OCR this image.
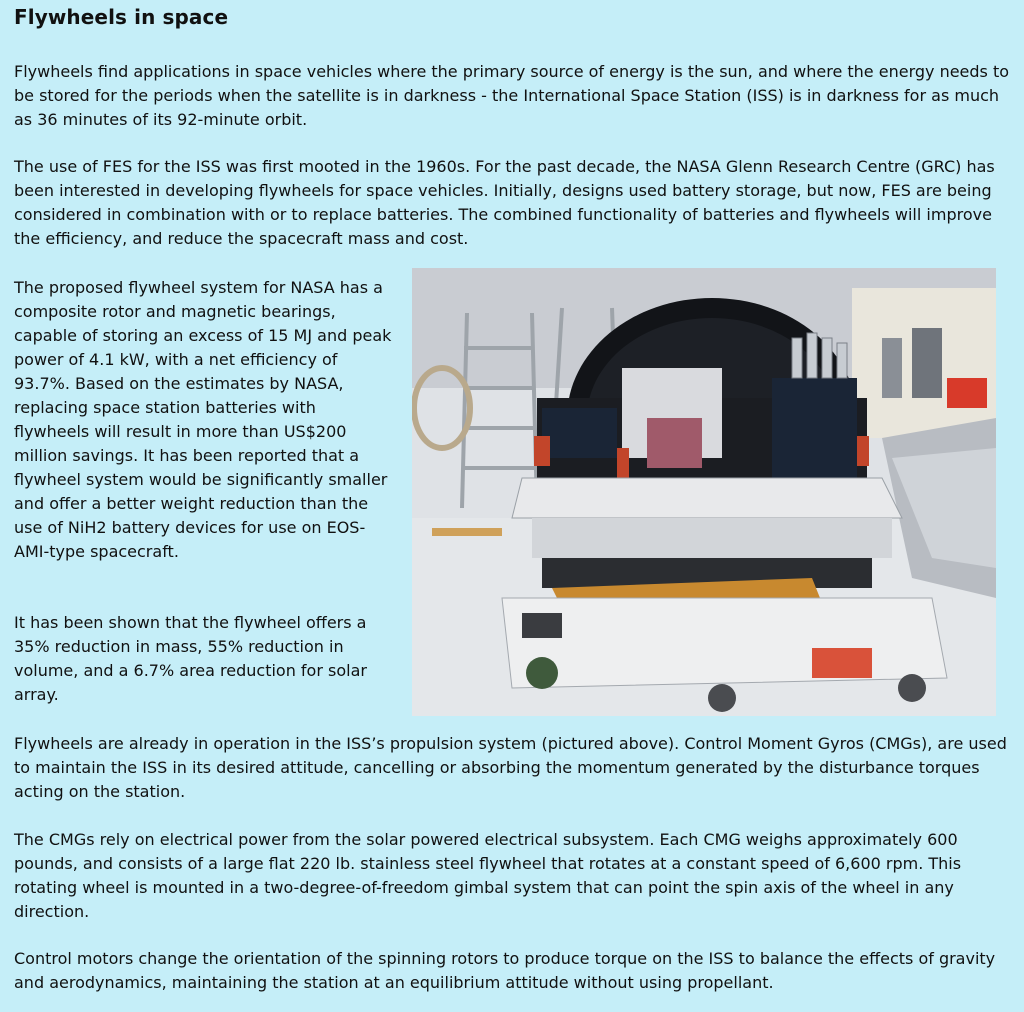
Flywheels in space

Flywheels find applications in space vehicles where the primary source of energy is the sun, and where the energy needs to be stored for the periods when the satellite is in darkness - the International Space Station (ISS) is in darkness for as much as 36 minutes of its 92-minute orbit.

The use of FES for the ISS was first mooted in the 1960s. For the past decade, the NASA Glenn Research Centre (GRC) has been interested in developing flywheels for space vehicles. Initially, designs used battery storage, but now, FES are being considered in combination with or to replace batteries. The combined functionality of batteries and flywheels will improve the efficiency, and reduce the spacecraft mass and cost.

The proposed flywheel system for NASA has a composite rotor and magnetic bearings, capable of storing an excess of 15 MJ and peak power of 4.1 kW, with a net efficiency of 93.7%. Based on the estimates by NASA, replacing space station batteries with flywheels will result in more than US$200 million savings. It has been reported that a flywheel system would be significantly smaller and offer a better weight reduction than the use of NiH2 battery devices for use on EOS-AMI-type spacecraft.

It has been shown that the flywheel offers a 35% reduction in mass, 55% reduction in volume, and a 6.7% area reduction for solar array.

Flywheels are already in operation in the ISS’s propulsion system (pictured above). Control Moment Gyros (CMGs), are used to maintain the ISS in its desired attitude, cancelling or absorbing the momentum generated by the disturbance torques acting on the station.

The CMGs rely on electrical power from the solar powered electrical subsystem. Each CMG weighs approximately 600 pounds, and consists of a large flat 220 lb. stainless steel flywheel that rotates at a constant speed of 6,600 rpm. This rotating wheel is mounted in a two-degree-of-freedom gimbal system that can point the spin axis of the wheel in any direction.

Control motors change the orientation of the spinning rotors to produce torque on the ISS to balance the effects of gravity and aerodynamics, maintaining the station at an equilibrium attitude without using propellant.
